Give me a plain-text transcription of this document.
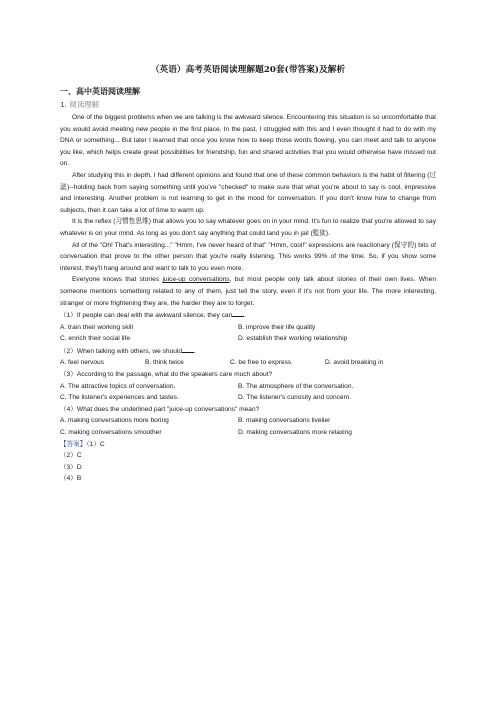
（英语）高考英语阅读理解题20套(带答案)及解析
一、高中英语阅读理解
1. 阅读理解

One of the biggest problems when we are talking is the awkward silence. Encountering this situation is so uncomfortable that you would avoid meeting new people in the first place. In the past, I struggled with this and I even thought it had to do with my DNA or something... But later I learned that once you know how to keep those words flowing, you can meet and talk to anyone you like, which helps create great possibilities for friendship, fun and shared activities that you would otherwise have missed out on.

After studying this in depth, I had different opinions and found that one of these common behaviors is the habit of filtering (过滤)--holding back from saying something until you've "checked" to make sure that what you're about to say is cool, impressive and interesting. Another problem is not learning to get in the mood for conversation. If you don't know how to change from subjects, then it can take a lot of time to warm up.

It is the reflex (习惯性思维) that allows you to say whatever goes on in your mind. It's fun to realize that you're allowed to say whatever is on your mind. As long as you don't say anything that could land you in jail (監狱).

All of the "Oh! That's interesting..." "Hmm, I've never heard of that" "Hmm, cool!" expressions are reactionary (保守的) bits of conversation that prove to the other person that you're really listening. This works 99% of the time. So, if you show some interest, they'll hang around and want to talk to you even more.

Everyone knows that stories juice-up conversations, but most people only talk about stories of their own lives. When someone mentions something related to any of them, just tell the story, even if it's not from your life. The more interesting, stranger or more frightening they are, the harder they are to forget.

（1）If people can deal with the awkward silence, they can .

A. train their working skill	B. improve their life quality
C. enrich their social life	D. establish their working relationship

（2）When talking with others, we should .

A. feel nervous	B. think twice	C. be free to express	D. avoid breaking in

（3）According to the passage, what do the speakers care much about?

A. The attractive topics of conversation.	B. The atmosphere of the conversation.
C. The listener's experiences and tastes.	D. The listener's curiosity and concern.

（4）What does the underlined part "juice-up conversations" mean?

A. making conversations more boring	B. making conversations livelier
C. making conversations smoother	D. making conversations more relaxing

【答案】（1）C

（2）C

（3）D

（4）B
